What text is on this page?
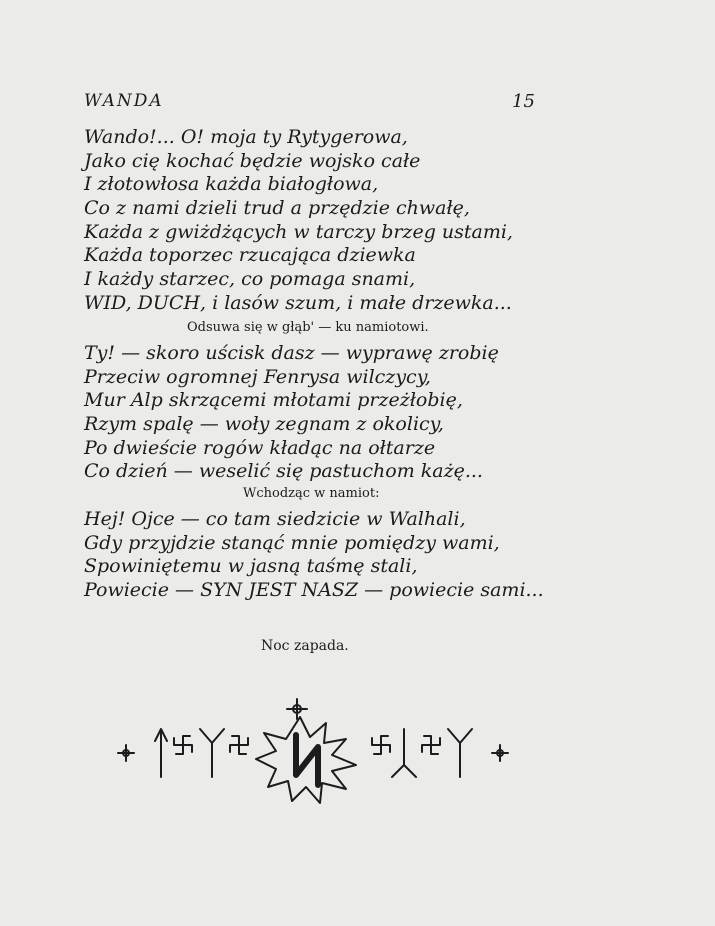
WANDA	15
Wando!... O! moja ty Rytygerowa,
Jako cię kochać będzie wojsko całe
I złotowłosa każda białogłowa,
Co z nami dzieli trud a przędzie chwałę,
Każda z gwiżdżących w tarczy brzeg ustami,
Każda toporzec rzucająca dziewka
I każdy starzec, co pomaga snami,
WID, DUCH, i lasów szum, i małe drzewka...
Odsuwa się w głąb' — ku namiotowi.
Ty! — skoro uścisk dasz — wyprawę zrobię
Przeciw ogromnej Fenrysa wilczycy,
Mur Alp skrzącemi młotami przeżłobię,
Rzym spalę — woły zegnam z okolicy,
Po dwieście rogów kładąc na ołtarze
Co dzień — weselić się pastuchom każę...
Wchodząc w namiot:
Hej! Ojce — co tam siedzicie w Walhali,
Gdy przyjdzie stanąć mnie pomiędzy wami,
Spowiniętemu w jasną taśmę stali,
Powiecie — SYN JEST NASZ — powiecie sami...
Noc zapada.
